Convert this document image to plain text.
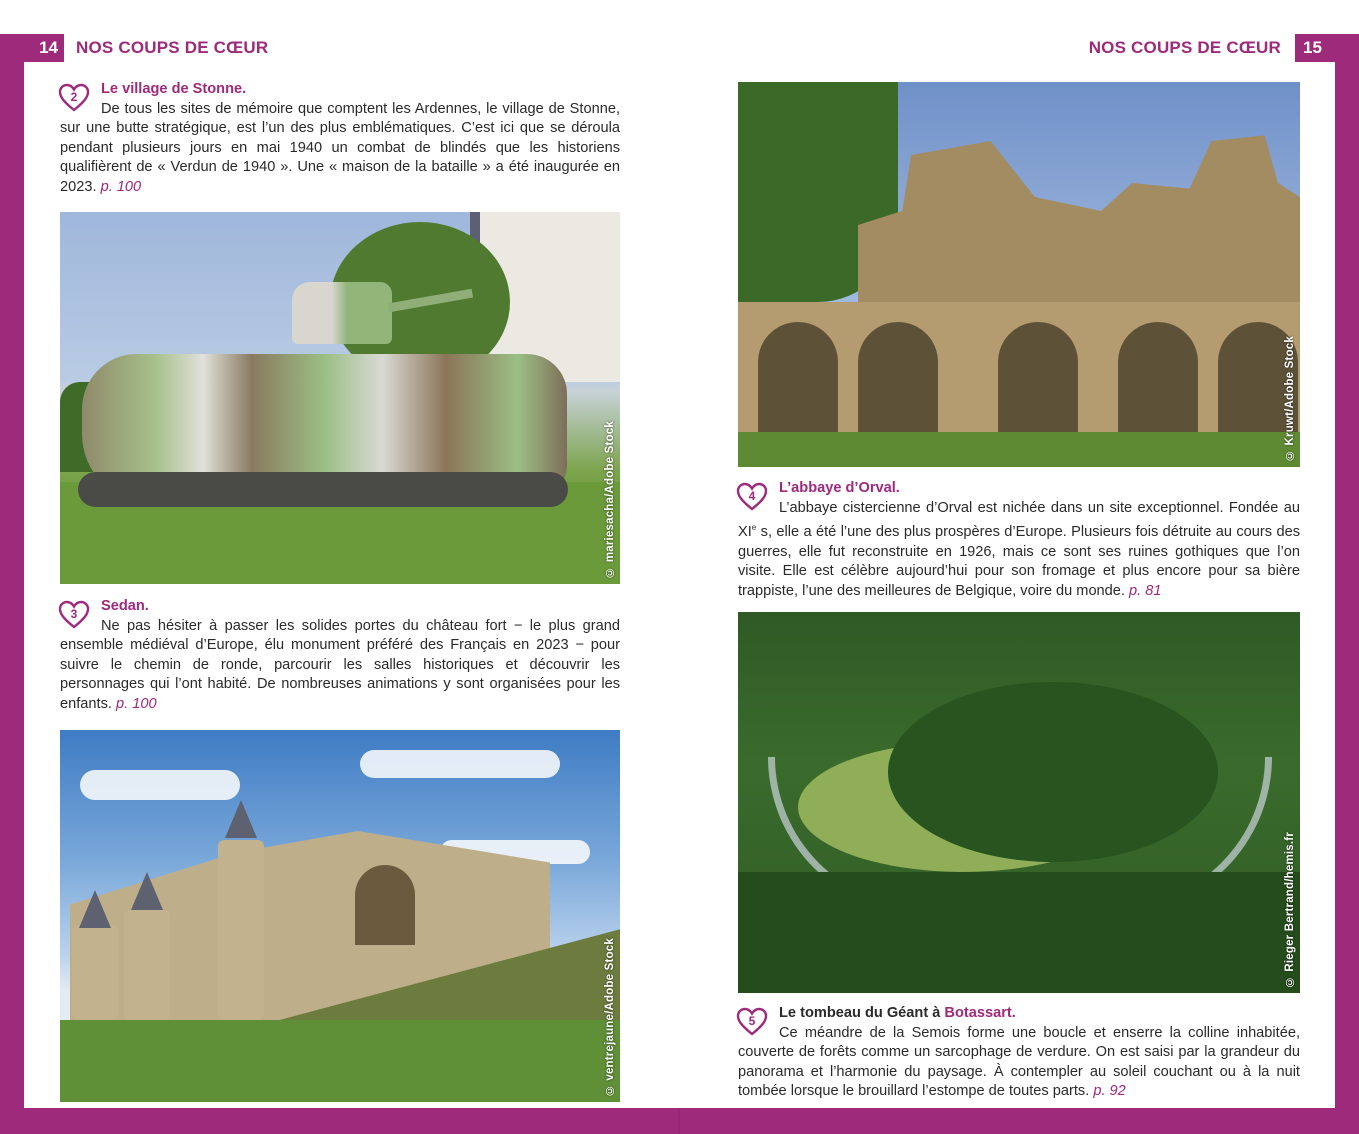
14	NOS COUPS DE CŒUR	NOS COUPS DE CŒUR	15
2	Le village de Stonne.
De tous les sites de mémoire que comptent les Ardennes, le village de Stonne, sur une butte stratégique, est l’un des plus emblématiques. C’est ici que se déroula pendant plusieurs jours en mai 1940 un combat de blindés que les historiens qualifièrent de « Verdun de 1940 ». Une « maison de la bataille » a été inaugurée en 2023. p. 100
© mariesacha/Adobe Stock
3	Sedan.
Ne pas hésiter à passer les solides portes du château fort − le plus grand ensemble médiéval d’Europe, élu monument préféré des Français en 2023 − pour suivre le chemin de ronde, parcourir les salles historiques et découvrir les personnages qui l’ont habité. De nombreuses animations y sont organisées pour les enfants. p. 100
© ventrejaune/Adobe Stock
© Kruwt/Adobe Stock
4	L’abbaye d’Orval.
L’abbaye cistercienne d’Orval est nichée dans un site exceptionnel. Fondée au XIe s, elle a été l’une des plus prospères d’Europe. Plusieurs fois détruite au cours des guerres, elle fut reconstruite en 1926, mais ce sont ses ruines gothiques que l’on visite. Elle est célèbre aujourd’hui pour son fromage et plus encore pour sa bière trappiste, l’une des meilleures de Belgique, voire du monde. p. 81
© Rieger Bertrand/hemis.fr
5	Le tombeau du Géant à Botassart.
Ce méandre de la Semois forme une boucle et enserre la colline inhabitée, couverte de forêts comme un sarcophage de verdure. On est saisi par la grandeur du panorama et l’harmonie du paysage. À contempler au soleil couchant ou à la nuit tombée lorsque le brouillard l’estompe de toutes parts. p. 92
